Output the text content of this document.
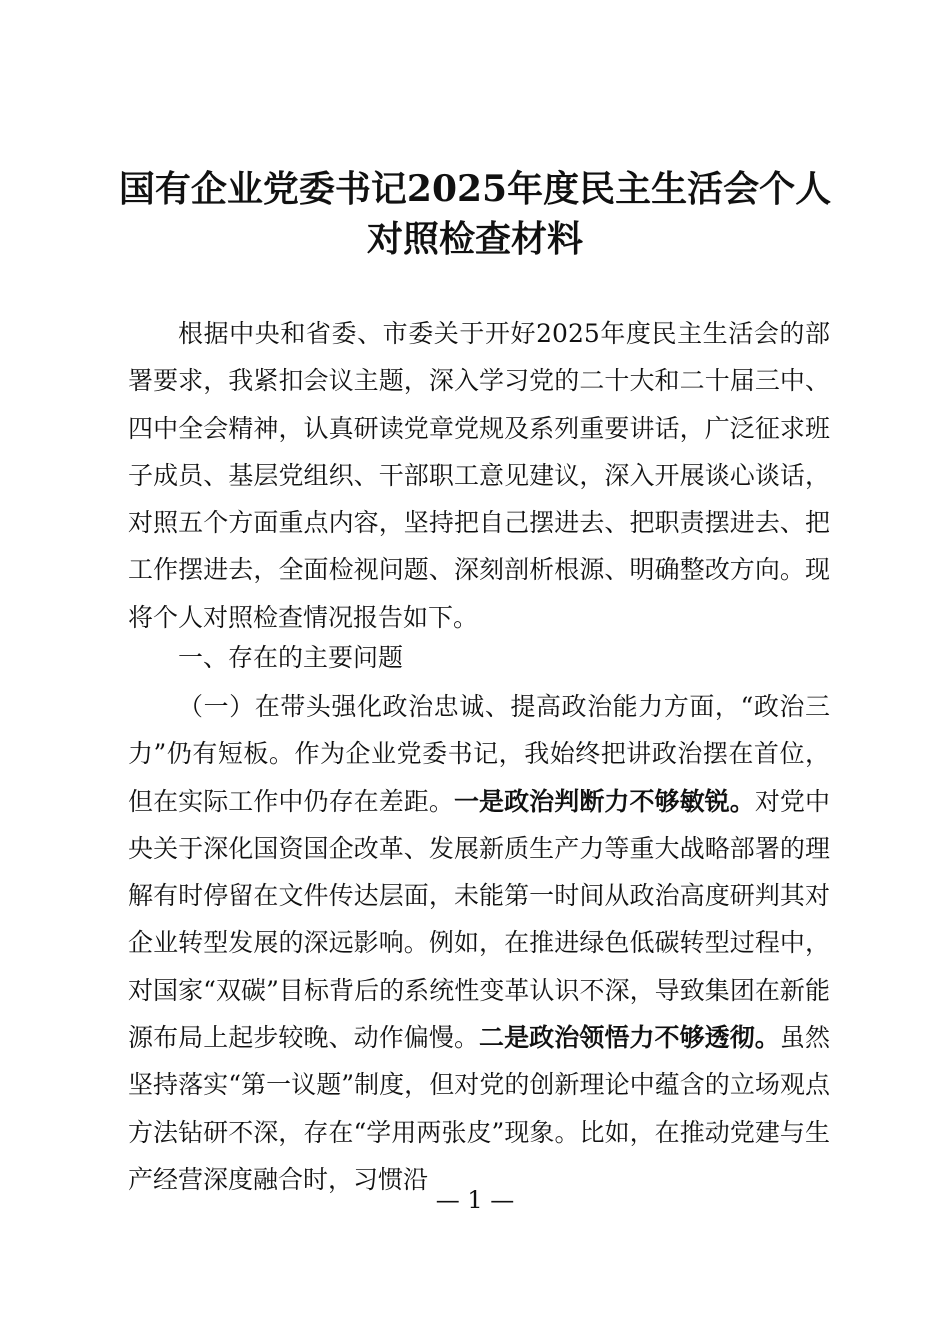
国有企业党委书记2025年度民主生活会个人
对照检查材料

根据中央和省委、市委关于开好2025年度民主生活会的部署要求，我紧扣会议主题，深入学习党的二十大和二十届三中、四中全会精神，认真研读党章党规及系列重要讲话，广泛征求班子成员、基层党组织、干部职工意见建议，深入开展谈心谈话，对照五个方面重点内容，坚持把自己摆进去、把职责摆进去、把工作摆进去，全面检视问题、深刻剖析根源、明确整改方向。现将个人对照检查情况报告如下。

一、存在的主要问题

（一）在带头强化政治忠诚、提高政治能力方面，“政治三力”仍有短板。作为企业党委书记，我始终把讲政治摆在首位，但在实际工作中仍存在差距。一是政治判断力不够敏锐。对党中央关于深化国资国企改革、发展新质生产力等重大战略部署的理解有时停留在文件传达层面，未能第一时间从政治高度研判其对企业转型发展的深远影响。例如，在推进绿色低碳转型过程中，对国家“双碳”目标背后的系统性变革认识不深，导致集团在新能源布局上起步较晚、动作偏慢。二是政治领悟力不够透彻。虽然坚持落实“第一议题”制度，但对党的创新理论中蕴含的立场观点方法钻研不深，存在“学用两张皮”现象。比如，在推动党建与生产经营深度融合时，习惯沿

— 1 —
